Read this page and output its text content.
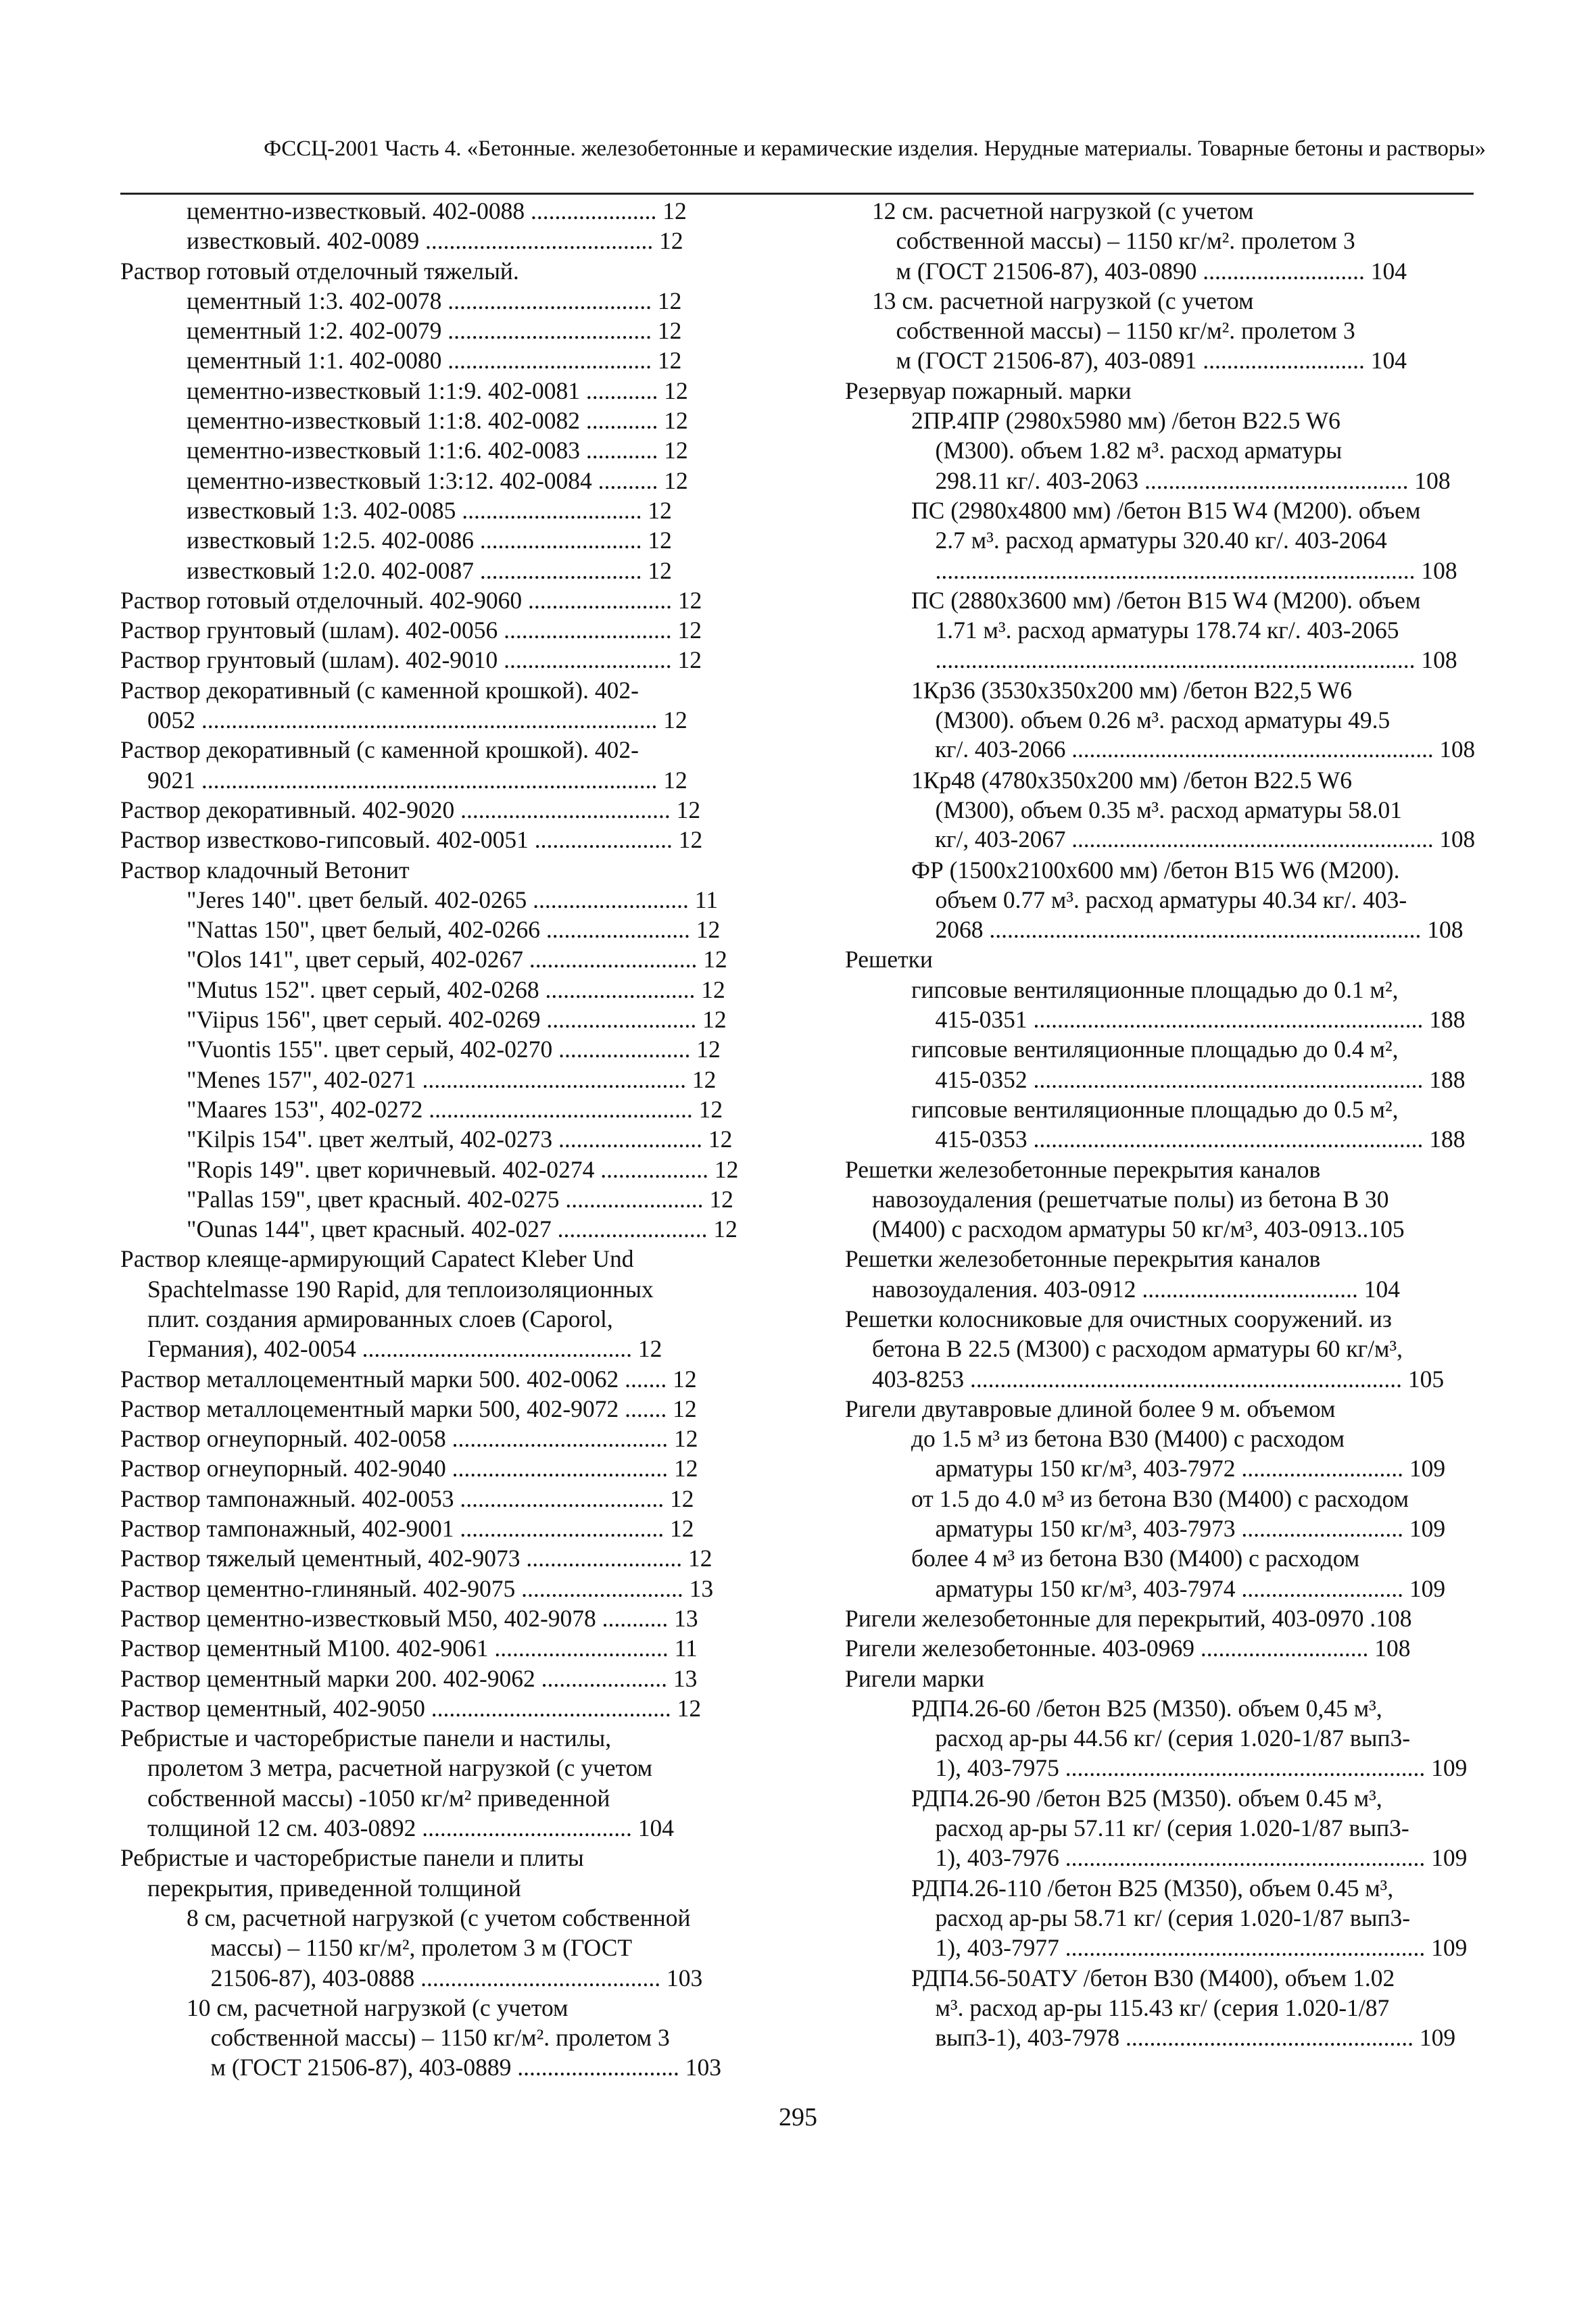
ФССЦ-2001 Часть 4. «Бетонные. железобетонные и керамические изделия. Нерудные материалы. Товарные бетоны и растворы»
цементно-известковый. 402-0088 ..................... 12
известковый. 402-0089 ...................................... 12
Раствор готовый отделочный тяжелый.
цементный 1:3. 402-0078 .................................. 12
цементный 1:2. 402-0079 .................................. 12
цементный 1:1. 402-0080 .................................. 12
цементно-известковый 1:1:9. 402-0081 ............ 12
цементно-известковый 1:1:8. 402-0082 ............ 12
цементно-известковый 1:1:6. 402-0083 ............ 12
цементно-известковый 1:3:12. 402-0084 .......... 12
известковый 1:3. 402-0085 .............................. 12
известковый 1:2.5. 402-0086 ........................... 12
известковый 1:2.0. 402-0087 ........................... 12
Раствор готовый отделочный. 402-9060 ........................ 12
Раствор грунтовый (шлам). 402-0056 ............................ 12
Раствор грунтовый (шлам). 402-9010 ............................ 12
Раствор декоративный (с каменной крошкой). 402-
0052 ............................................................................ 12
Раствор декоративный (с каменной крошкой). 402-
9021 ............................................................................ 12
Раствор декоративный. 402-9020 ................................... 12
Раствор известково-гипсовый. 402-0051 ....................... 12
Раствор кладочный Ветонит
"Jeres 140". цвет белый. 402-0265 .......................... 11
"Nattas 150", цвет белый, 402-0266 ........................ 12
"Olos 141", цвет серый, 402-0267 ............................ 12
"Mutus 152". цвет серый, 402-0268 ......................... 12
"Viipus 156", цвет серый. 402-0269 ......................... 12
"Vuontis 155". цвет серый, 402-0270 ...................... 12
"Menes 157", 402-0271 ............................................ 12
"Maares 153", 402-0272 ............................................ 12
"Kilpis 154". цвет желтый, 402-0273 ........................ 12
"Ropis 149". цвет коричневый. 402-0274 .................. 12
"Pallas 159", цвет красный. 402-0275 ....................... 12
"Ounas 144", цвет красный. 402-027 ......................... 12
Раствор клеяще-армирующий Capatect Kleber Und
Spachtelmasse 190 Rapid, для теплоизоляционных
плит. создания армированных слоев (Caporol,
Германия), 402-0054 ............................................. 12
Раствор металлоцементный марки 500. 402-0062 ....... 12
Раствор металлоцементный марки 500, 402-9072 ....... 12
Раствор огнеупорный. 402-0058 .................................... 12
Раствор огнеупорный. 402-9040 .................................... 12
Раствор тампонажный. 402-0053 .................................. 12
Раствор тампонажный, 402-9001 .................................. 12
Раствор тяжелый цементный, 402-9073 .......................... 12
Раствор цементно-глиняный. 402-9075 ........................... 13
Раствор цементно-известковый M50, 402-9078 ........... 13
Раствор цементный M100. 402-9061 ............................. 11
Раствор цементный марки 200. 402-9062 ..................... 13
Раствор цементный, 402-9050 ........................................ 12
Ребристые и часторебристые панели и настилы,
пролетом 3 метра, расчетной нагрузкой (с учетом
собственной массы) -1050 кг/м² приведенной
толщиной 12 см. 403-0892 ................................... 104
Ребристые и часторебристые панели и плиты
перекрытия, приведенной толщиной
8 см, расчетной нагрузкой (с учетом собственной
массы) – 1150 кг/м², пролетом 3 м (ГОСТ
21506-87), 403-0888 ........................................ 103
10 см, расчетной нагрузкой (с учетом
собственной массы) – 1150 кг/м². пролетом 3
м (ГОСТ 21506-87), 403-0889 ........................... 103
12 см. расчетной нагрузкой (с учетом
собственной массы) – 1150 кг/м². пролетом 3
м (ГОСТ 21506-87), 403-0890 ........................... 104
13 см. расчетной нагрузкой (с учетом
собственной массы) – 1150 кг/м². пролетом 3
м (ГОСТ 21506-87), 403-0891 ........................... 104
Резервуар пожарный. марки
2ПР.4ПР (2980x5980 мм) /бетон B22.5 W6
(M300). объем 1.82 м³. расход арматуры
298.11 кг/. 403-2063 ............................................ 108
ПС (2980x4800 мм) /бетон B15 W4 (M200). объем
2.7 м³. расход арматуры 320.40 кг/. 403-2064
................................................................................ 108
ПС (2880x3600 мм) /бетон B15 W4 (M200). объем
1.71 м³. расход арматуры 178.74 кг/. 403-2065
................................................................................ 108
1Кр36 (3530x350x200 мм) /бетон B22,5 W6
(M300). объем 0.26 м³. расход арматуры 49.5
кг/. 403-2066 ............................................................. 108
1Кр48 (4780x350x200 мм) /бетон B22.5 W6
(M300), объем 0.35 м³. расход арматуры 58.01
кг/, 403-2067 ............................................................. 108
ФР (1500x2100x600 мм) /бетон B15 W6 (M200).
объем 0.77 м³. расход арматуры 40.34 кг/. 403-
2068 ........................................................................ 108
Решетки
гипсовые вентиляционные площадью до 0.1 м²,
415-0351 ................................................................. 188
гипсовые вентиляционные площадью до 0.4 м²,
415-0352 ................................................................. 188
гипсовые вентиляционные площадью до 0.5 м²,
415-0353 ................................................................. 188
Решетки железобетонные перекрытия каналов
навозоудаления (решетчатые полы) из бетона В 30
(M400) с расходом арматуры 50 кг/м³, 403-0913..105
Решетки железобетонные перекрытия каналов
навозоудаления. 403-0912 .................................... 104
Решетки колосниковые для очистных сооружений. из
бетона В 22.5 (M300) с расходом арматуры 60 кг/м³,
403-8253 ........................................................................ 105
Ригели двутавровые длиной более 9 м. объемом
до 1.5 м³ из бетона В30 (M400) с расходом
арматуры 150 кг/м³, 403-7972 ........................... 109
от 1.5 до 4.0 м³ из бетона В30 (M400) с расходом
арматуры 150 кг/м³, 403-7973 ........................... 109
более 4 м³ из бетона В30 (M400) с расходом
арматуры 150 кг/м³, 403-7974 ........................... 109
Ригели железобетонные для перекрытий, 403-0970 .108
Ригели железобетонные. 403-0969 ............................ 108
Ригели марки
РДП4.26-60 /бетон B25 (M350). объем 0,45 м³,
расход ар-ры 44.56 кг/ (серия 1.020-1/87 вып3-
1), 403-7975 ............................................................ 109
РДП4.26-90 /бетон B25 (M350). объем 0.45 м³,
расход ар-ры 57.11 кг/ (серия 1.020-1/87 вып3-
1), 403-7976 ............................................................ 109
РДП4.26-110 /бетон B25 (M350), объем 0.45 м³,
расход ар-ры 58.71 кг/ (серия 1.020-1/87 вып3-
1), 403-7977 ............................................................ 109
РДП4.56-50АТУ /бетон B30 (M400), объем 1.02
м³. расход ар-ры 115.43 кг/ (серия 1.020-1/87
вып3-1), 403-7978 ................................................ 109
295
